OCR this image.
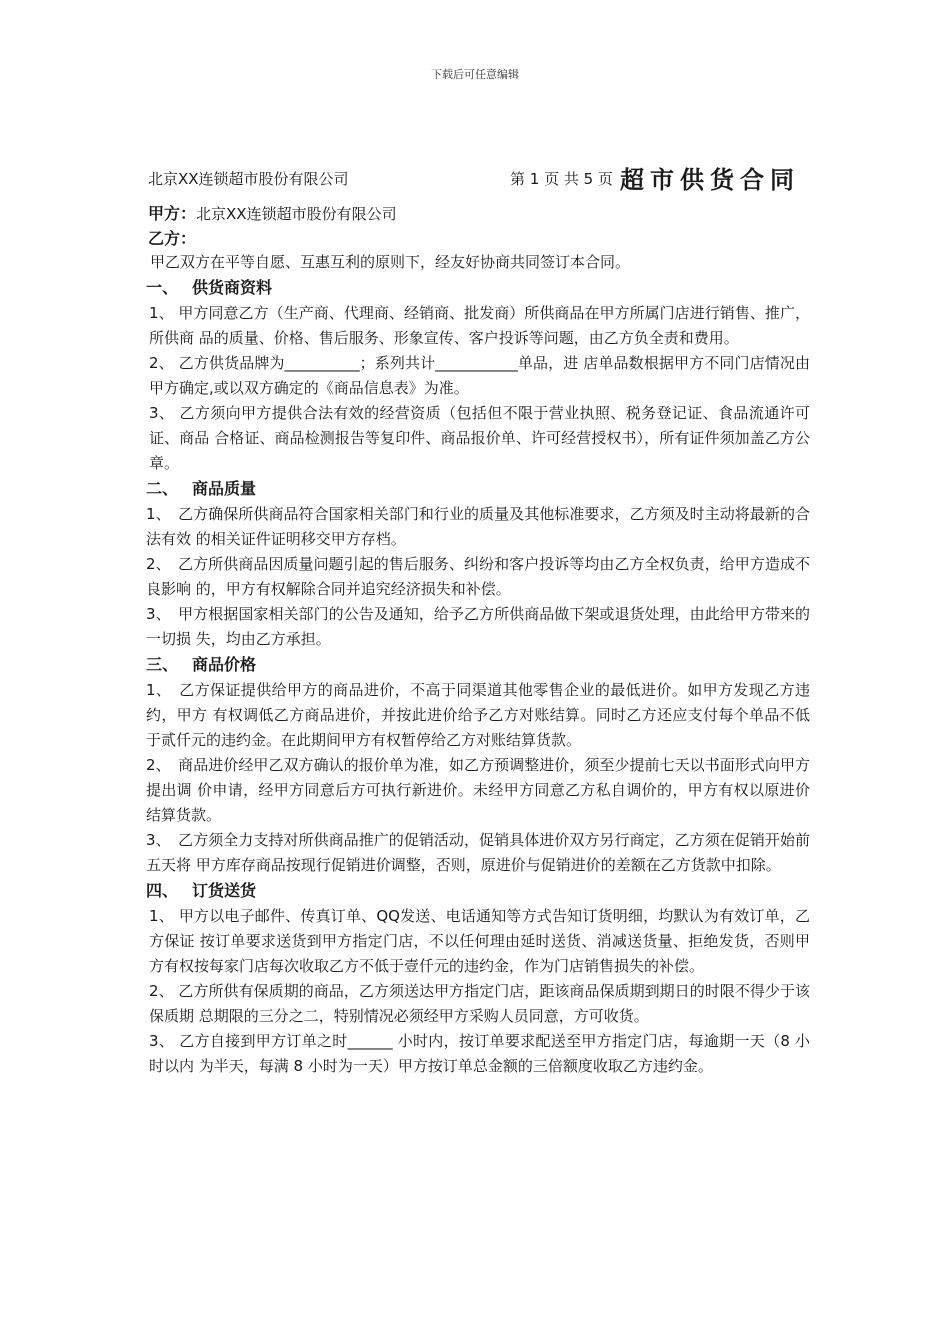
下载后可任意编辑
北京XX连锁超市股份有限公司	第 1 页 共 5 页 超市供货合同
甲方：北京XX连锁超市股份有限公司
乙方：

甲乙双方在平等自愿、互惠互利的原则下，经友好协商共同签订本合同。

一、 供货商资料

1、 甲方同意乙方（生产商、代理商、经销商、批发商）所供商品在甲方所属门店进行销售、推广，所供商 品的质量、价格、售后服务、形象宣传、客户投诉等问题，由乙方负全责和费用。

2、 乙方供货品牌为__________；系列共计___________单品，进 店单品数根据甲方不同门店情况由甲方确定,或以双方确定的《商品信息表》为准。

3、 乙方须向甲方提供合法有效的经营资质（包括但不限于营业执照、税务登记证、食品流通许可证、商品 合格证、商品检测报告等复印件、商品报价单、许可经营授权书），所有证件须加盖乙方公章。

二、 商品质量

1、　乙方确保所供商品符合国家相关部门和行业的质量及其他标准要求，乙方须及时主动将最新的合法有效 的相关证件证明移交甲方存档。

2、　乙方所供商品因质量问题引起的售后服务、纠纷和客户投诉等均由乙方全权负责，给甲方造成不良影响 的，甲方有权解除合同并追究经济损失和补偿。

3、　甲方根据国家相关部门的公告及通知，给予乙方所供商品做下架或退货处理，由此给甲方带来的一切损 失，均由乙方承担。

三、 商品价格

1、　乙方保证提供给甲方的商品进价，不高于同渠道其他零售企业的最低进价。如甲方发现乙方违约，甲方 有权调低乙方商品进价，并按此进价给予乙方对账结算。同时乙方还应支付每个单品不低于贰仟元的违约金。在此期间甲方有权暂停给乙方对账结算货款。

2、　商品进价经甲乙双方确认的报价单为准，如乙方预调整进价，须至少提前七天以书面形式向甲方提出调 价申请，经甲方同意后方可执行新进价。未经甲方同意乙方私自调价的，甲方有权以原进价结算货款。

3、　乙方须全力支持对所供商品推广的促销活动，促销具体进价双方另行商定，乙方须在促销开始前五天将 甲方库存商品按现行促销进价调整，否则，原进价与促销进价的差额在乙方货款中扣除。

四、 订货送货

1、 甲方以电子邮件、传真订单、QQ发送、电话通知等方式告知订货明细，均默认为有效订单，乙方保证 按订单要求送货到甲方指定门店，不以任何理由延时送货、消减送货量、拒绝发货，否则甲方有权按每家门店每次收取乙方不低于壹仟元的违约金，作为门店销售损失的补偿。

2、 乙方所供有保质期的商品，乙方须送达甲方指定门店，距该商品保质期到期日的时限不得少于该保质期 总期限的三分之二，特别情况必须经甲方采购人员同意，方可收货。

3、 乙方自接到甲方订单之时______ 小时内，按订单要求配送至甲方指定门店，每逾期一天（8 小时以内 为半天，每满 8 小时为一天）甲方按订单总金额的三倍额度收取乙方违约金。
